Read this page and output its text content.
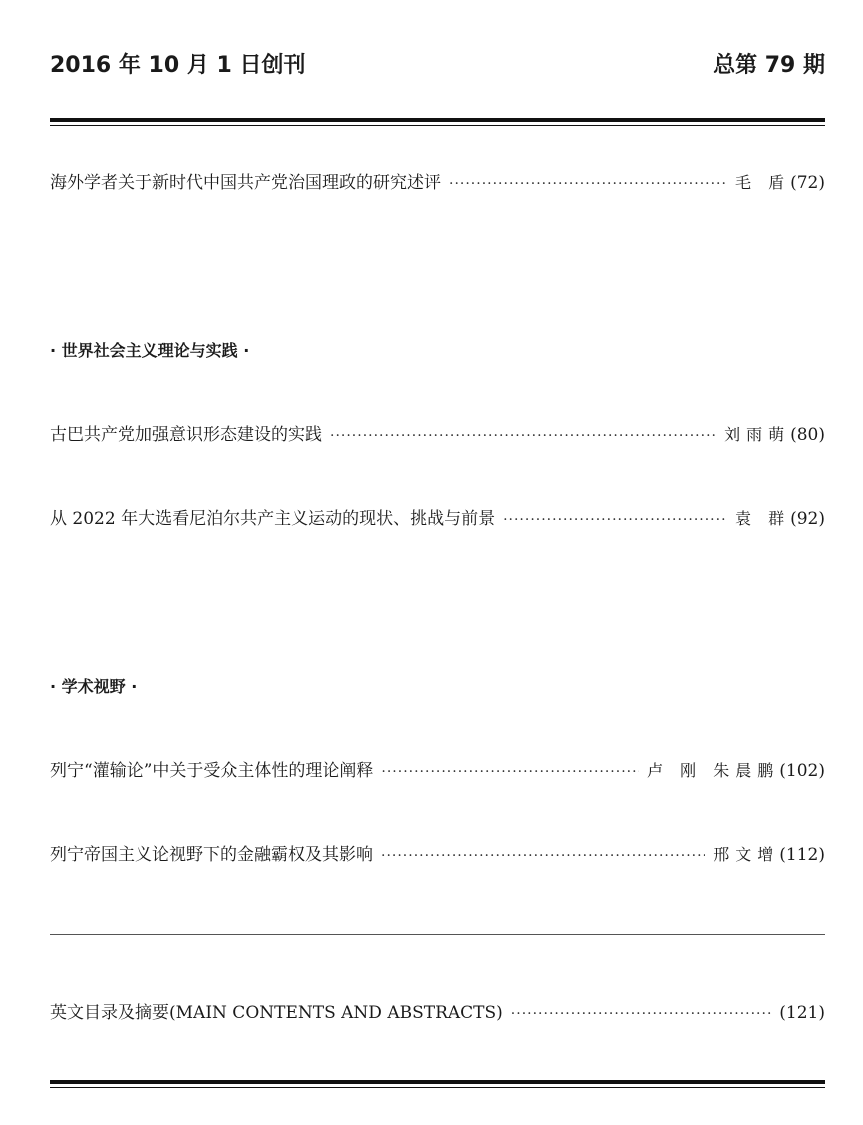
2016 年 10 月 1 日创刊	总第 79 期
海外学者关于新时代中国共产党治国理政的研究述评 ·····	毛 盾 (72)
· 世界社会主义理论与实践 ·
古巴共产党加强意识形态建设的实践 ·····	刘雨萌 (80)
从 2022 年大选看尼泊尔共产主义运动的现状、挑战与前景 ·····	袁 群 (92)
· 学术视野 ·
列宁“灌输论”中关于受众主体性的理论阐释 ·····	卢 刚 朱晨鹏 (102)
列宁帝国主义论视野下的金融霸权及其影响 ·····	邢文增 (112)
英文目录及摘要(MAIN CONTENTS AND ABSTRACTS) ·····	(121)
